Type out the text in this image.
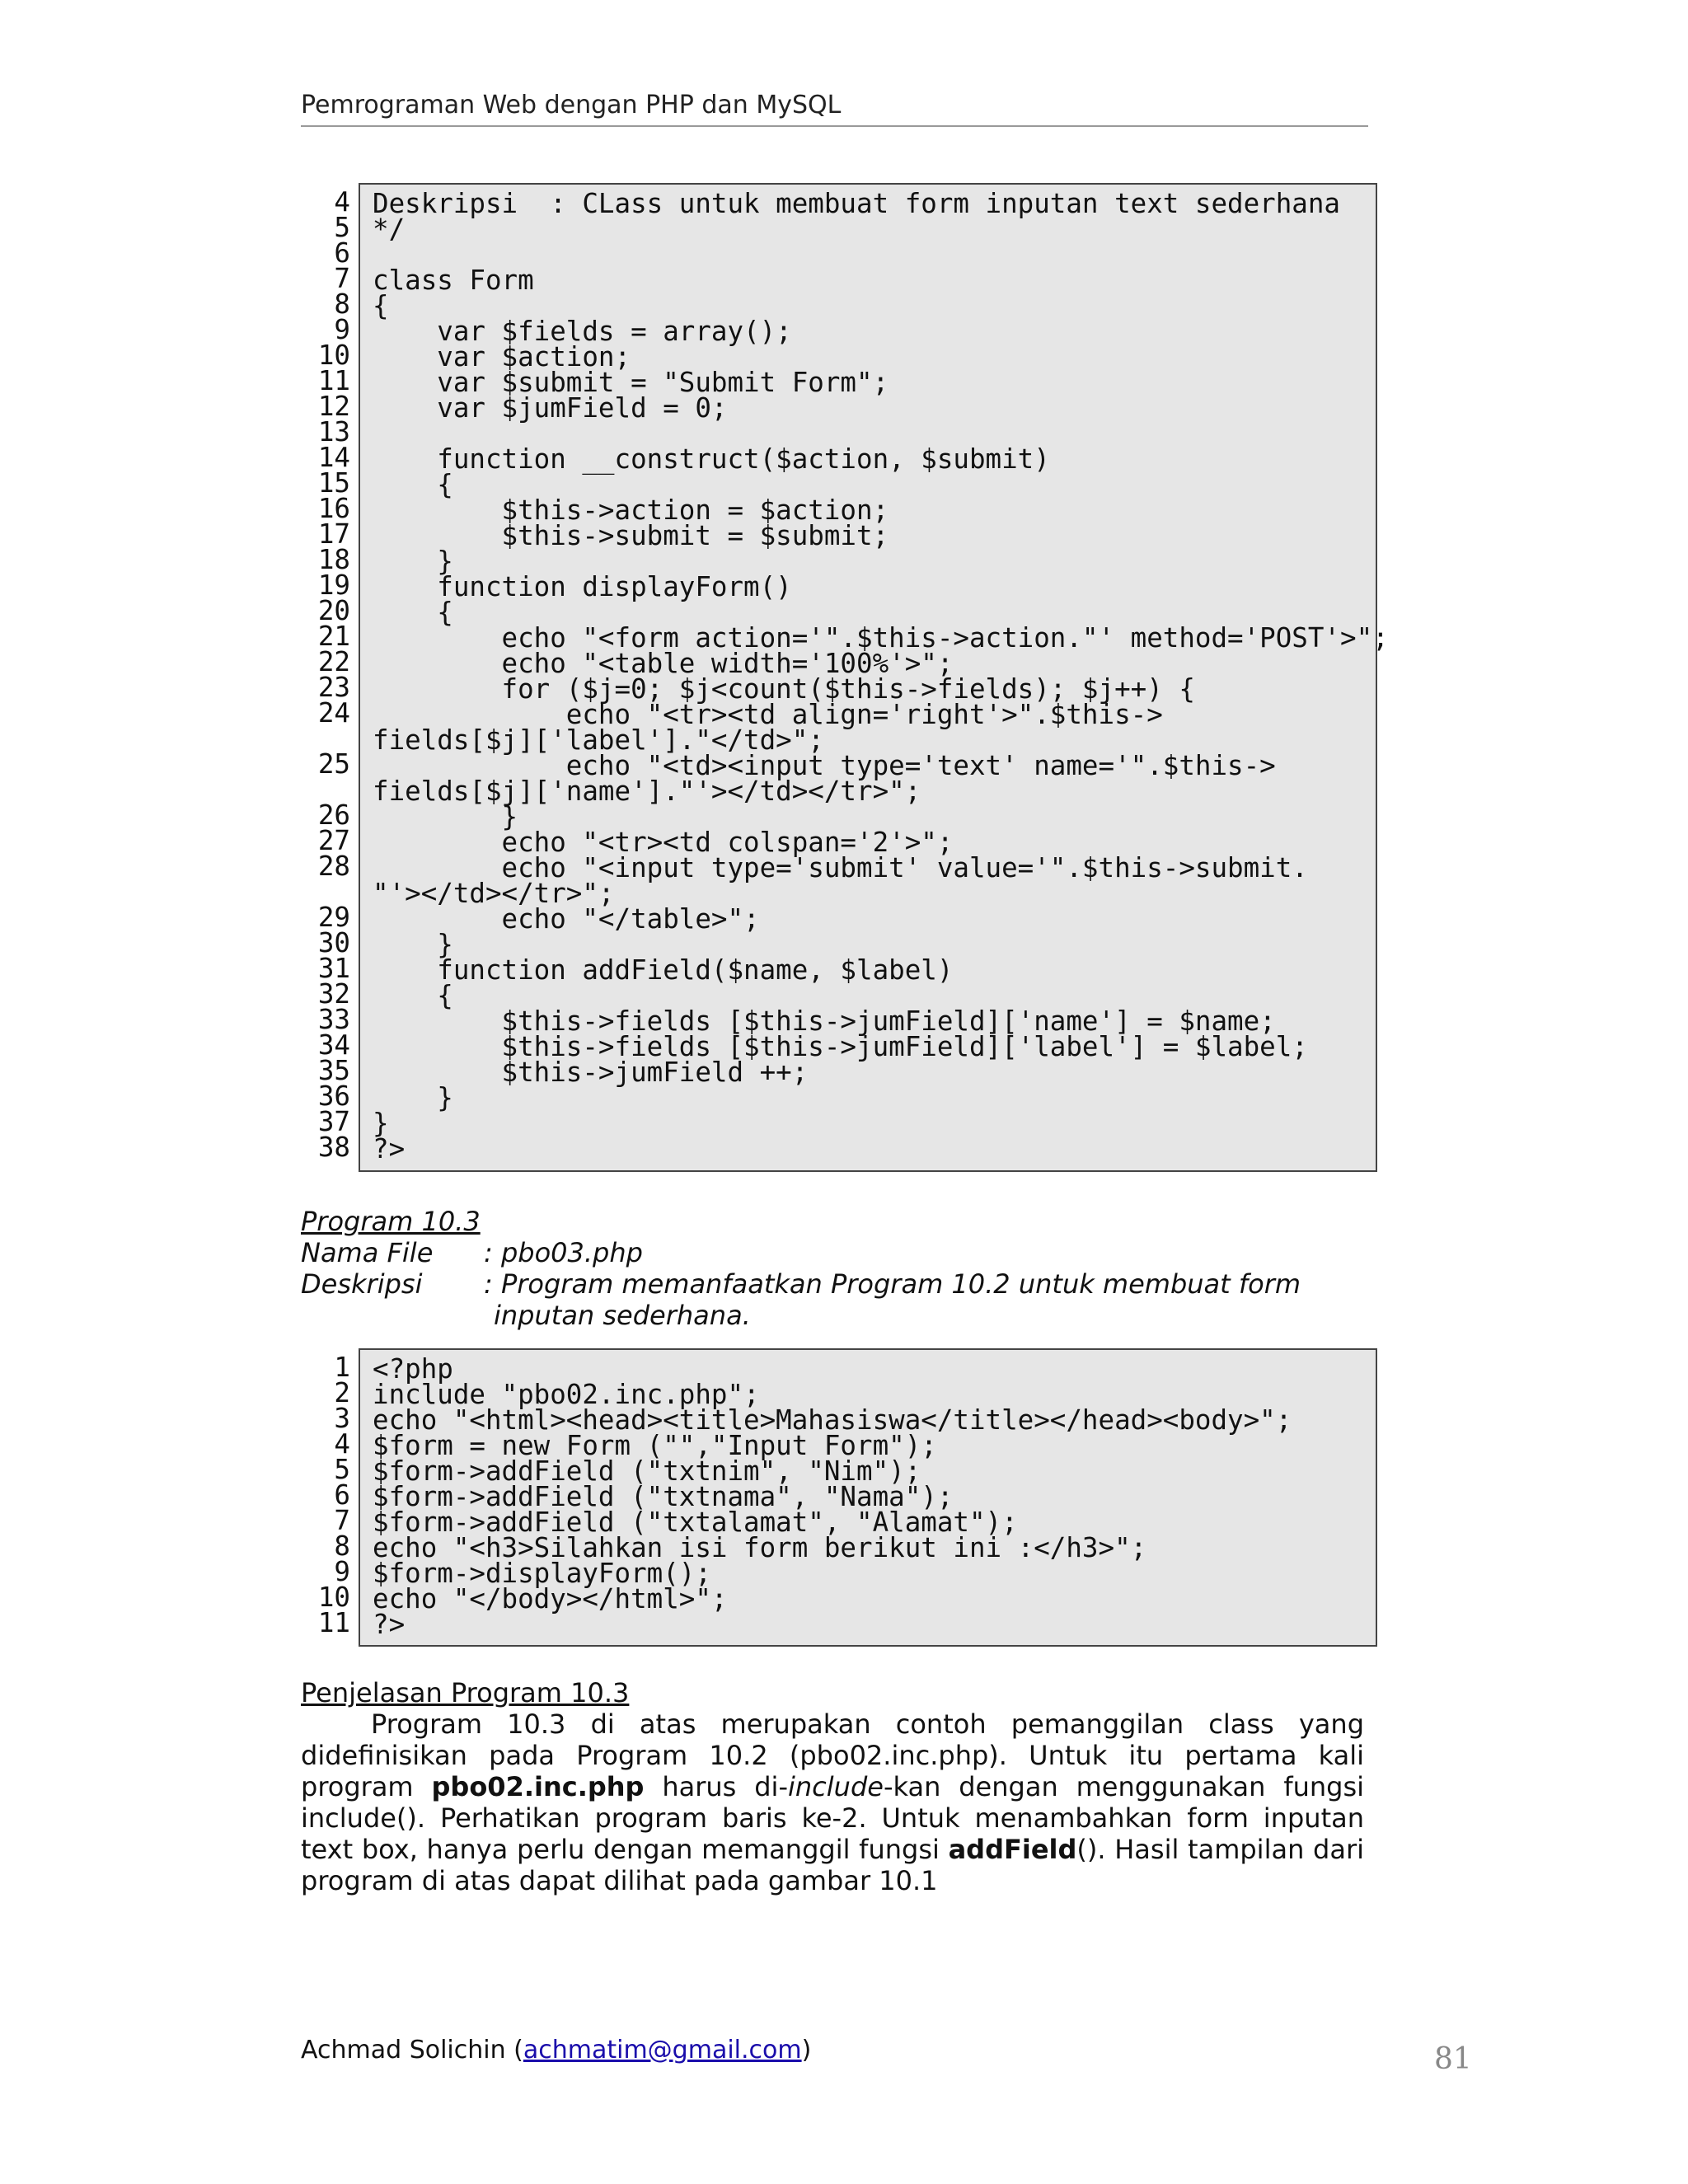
Pemrograman Web dengan PHP dan MySQL
4
5
6
7
8
9
10
11
12
13
14
15
16
17
18
19
20
21
22
23
24
25
26
27
28
29
30
31
32
33
34
35
36
37
38
Deskripsi  : CLass untuk membuat form inputan text sederhana
*/
class Form
{
var $fields = array();
var $action;
var $submit = "Submit Form";
var $jumField = 0;
function __construct($action, $submit)
{
$this->action = $action;
$this->submit = $submit;
}
function displayForm()
{
echo "<form action='".$this->action."' method='POST'>";
echo "<table width='100%'>";
for ($j=0; $j<count($this->fields); $j++) {
echo "<tr><td align='right'>".$this->
fields[$j]['label']."</td>";
echo "<td><input type='text' name='".$this->
fields[$j]['name']."'></td></tr>";
}
echo "<tr><td colspan='2'>";
echo "<input type='submit' value='".$this->submit.
"'></td></tr>";
echo "</table>";
}
function addField($name, $label)
{
$this->fields [$this->jumField]['name'] = $name;
$this->fields [$this->jumField]['label'] = $label;
$this->jumField ++;
}
}
?>
Program 10.3
Nama File : pbo03.php
Deskripsi : Program memanfaatkan Program 10.2 untuk membuat form
inputan sederhana.
1
2
3
4
5
6
7
8
9
10
11
<?php
include "pbo02.inc.php";
echo "<html><head><title>Mahasiswa</title></head><body>";
$form = new Form ("","Input Form");
$form->addField ("txtnim", "Nim");
$form->addField ("txtnama", "Nama");
$form->addField ("txtalamat", "Alamat");
echo "<h3>Silahkan isi form berikut ini :</h3>";
$form->displayForm();
echo "</body></html>";
?>
Penjelasan Program 10.3

Program 10.3 di atas merupakan contoh pemanggilan class yang didefinisikan pada Program 10.2 (pbo02.inc.php). Untuk itu pertama kali program pbo02.inc.php harus di-include-kan dengan menggunakan fungsi include(). Perhatikan program baris ke-2. Untuk menambahkan form inputan text box, hanya perlu dengan memanggil fungsi addField(). Hasil tampilan dari program di atas dapat dilihat pada gambar 10.1

Achmad Solichin (achmatim@gmail.com)	81
